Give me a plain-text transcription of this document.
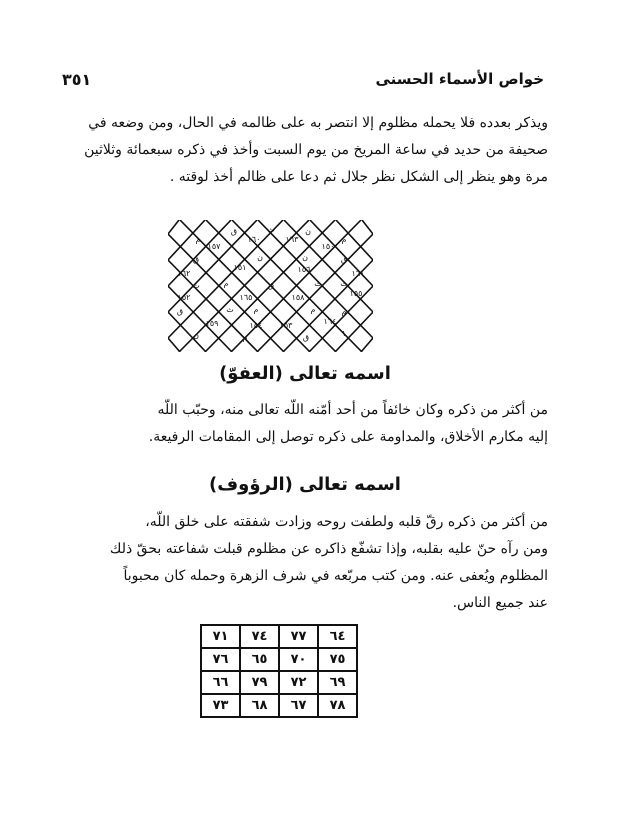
خواص الأسماء الحسنى
٣٥١
ويذكر بعدده فلا يحمله مظلوم إلا انتصر به على ظالمه في الحال، ومن وضعه في
صحيفة من حديد في ساعة المريخ من يوم السبت وأخذ في ذكره سبعمائة وثلاثين
مرة وهو ينظر إلى الشكل نظر جلال ثم دعا على ظالم أخذ لوقته .
م
ق	ث	ن
م
١٥٧
١٦٠	١٦٣
١٥٠
ق	ن	ن	ق
١٦٢
١٥١	١٥٦	١٦١
ث	م	ق	ث ث
١٥٢	١٦٥	١٥٨	١٥٥
ق	ث م	م	م
١٥٩	١٥٤ ١٥٣	١٦٤
ن	م	ق	١
اسمه تعالى (العفوّ)
من أكثر من ذكره وكان خائفاً من أحد أمّنه اللّه تعالى منه، وحبّب اللّه
إليه مكارم الأخلاق، والمداومة على ذكره توصل إلى المقامات الرفيعة.
اسمه تعالى (الرؤوف)
من أكثر من ذكره رقّ قلبه ولطفت روحه وزادت شفقته على خلق اللّه،
ومن رآه حنّ عليه بقلبه، وإذا تشفّع ذاكره عن مظلوم قبلت شفاعته بحقّ ذلك
المظلوم ويُعفى عنه. ومن كتب مربّعه في شرف الزهرة وحمله كان محبوباً
عند جميع الناس.
٦٤	٧٧	٧٤	٧١
٧٥	٧٠	٦٥	٧٦
٦٩	٧٢	٧٩	٦٦
٧٨	٦٧	٦٨	٧٣
